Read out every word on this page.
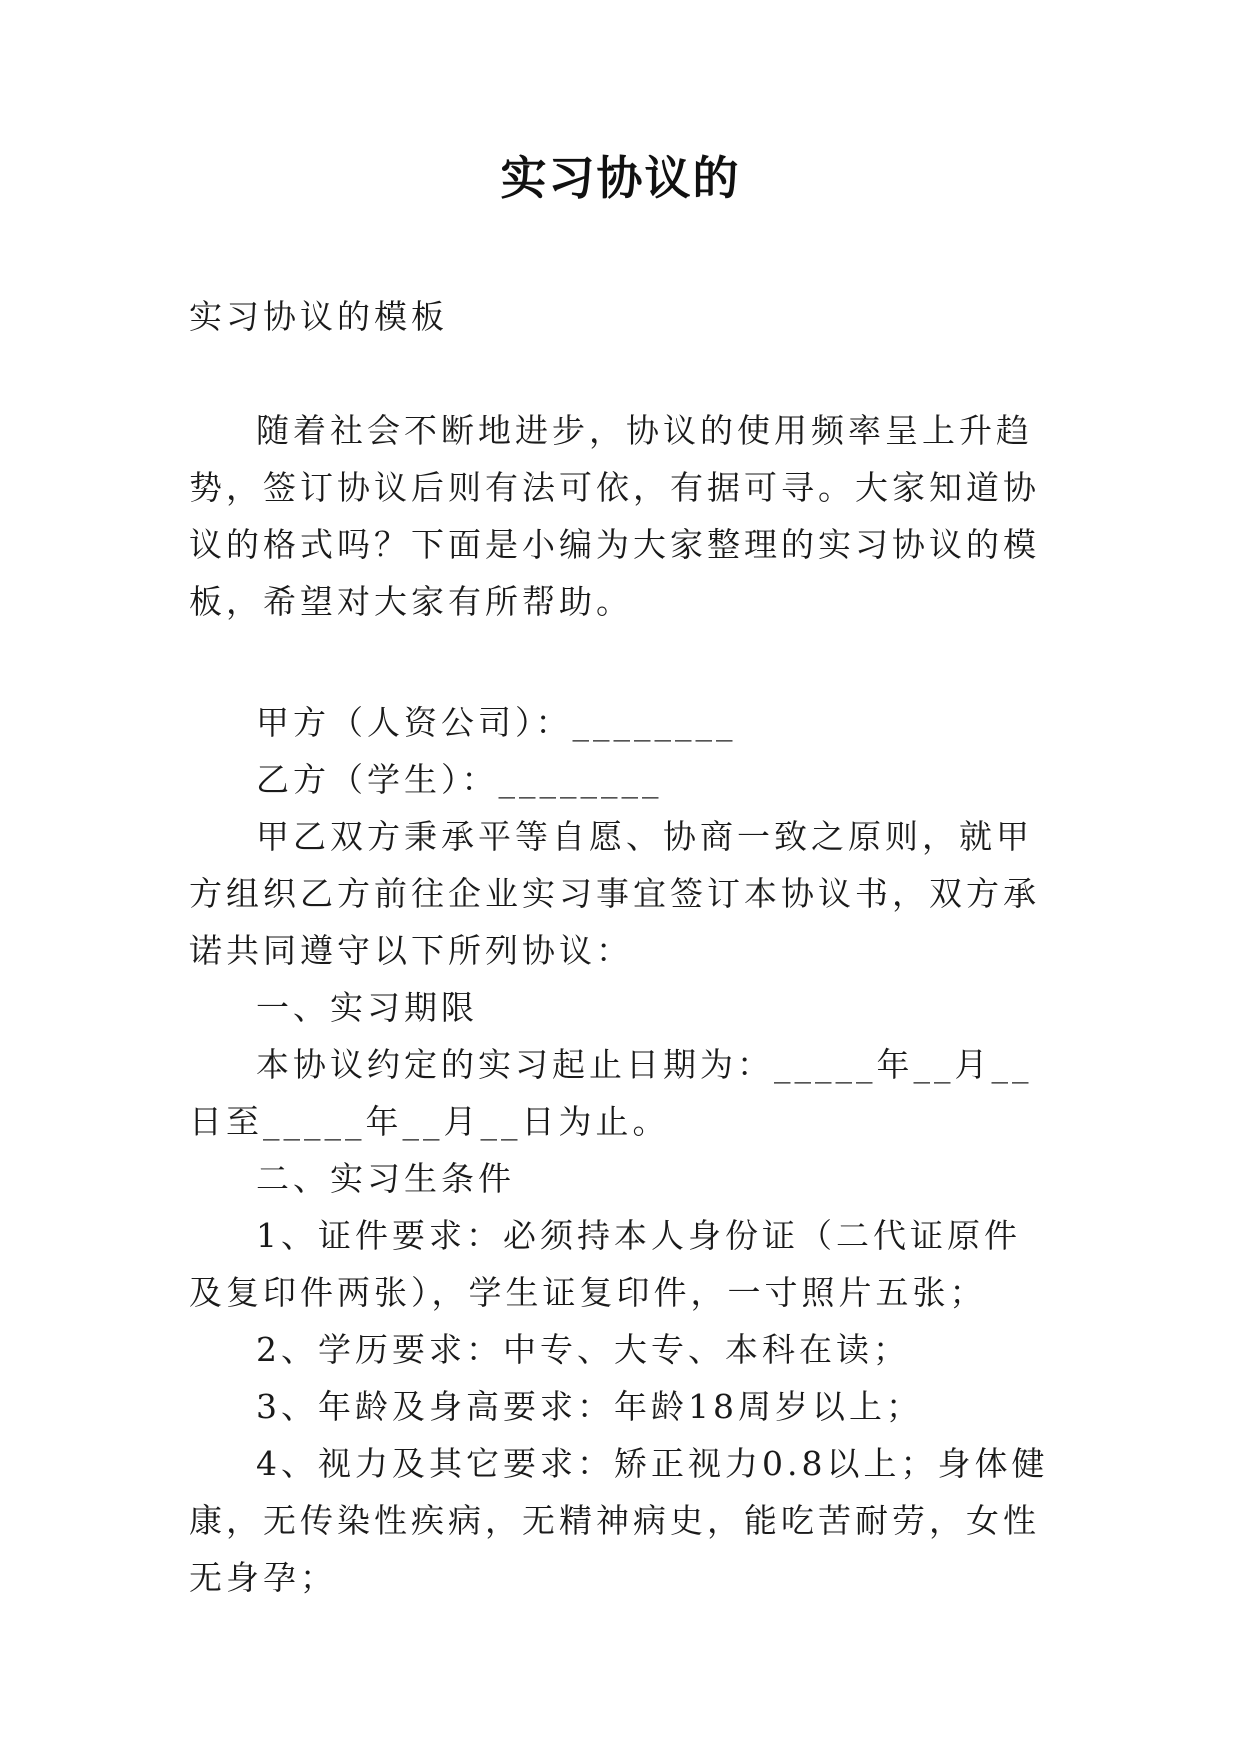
实习协议的

实习协议的模板

随着社会不断地进步，协议的使用频率呈上升趋势，签订协议后则有法可依，有据可寻。大家知道协议的格式吗？下面是小编为大家整理的实习协议的模板，希望对大家有所帮助。

甲方（人资公司）：________

乙方（学生）：________

甲乙双方秉承平等自愿、协商一致之原则，就甲方组织乙方前往企业实习事宜签订本协议书，双方承诺共同遵守以下所列协议：

一、实习期限

本协议约定的实习起止日期为：_____年__月__日至_____年__月__日为止。

二、实习生条件

1、证件要求：必须持本人身份证（二代证原件及复印件两张），学生证复印件，一寸照片五张；

2、学历要求：中专、大专、本科在读；

3、年龄及身高要求：年龄18周岁以上；

4、视力及其它要求：矫正视力0.8以上；身体健康，无传染性疾病，无精神病史，能吃苦耐劳，女性无身孕；
